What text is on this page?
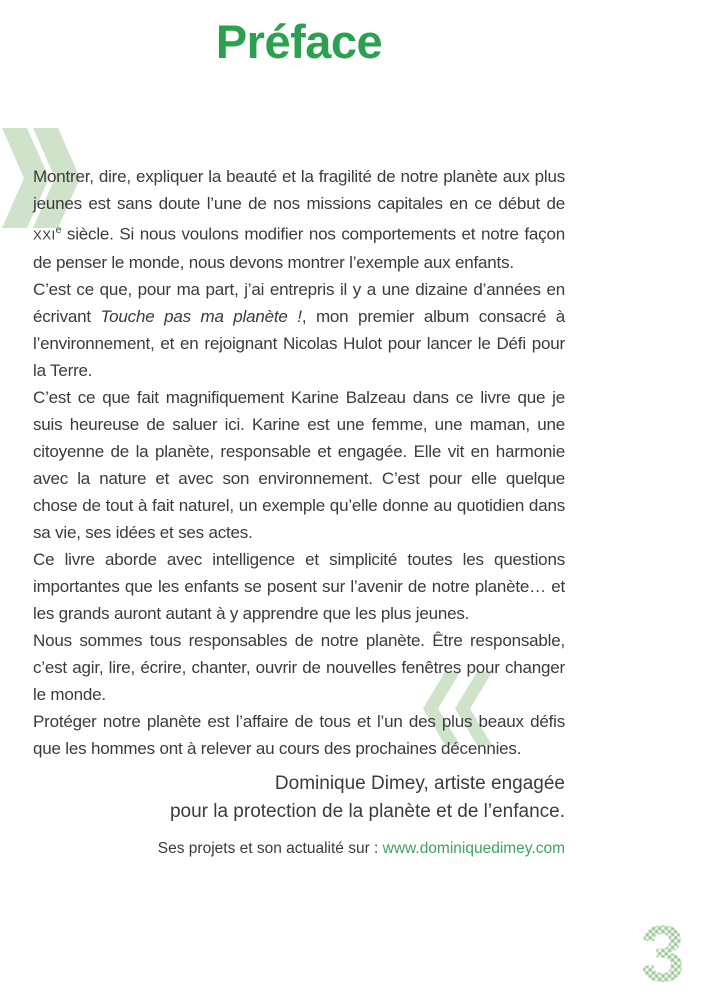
Préface

Montrer, dire, expliquer la beauté et la fragilité de notre planète aux plus jeunes est sans doute l’une de nos missions capitales en ce début de XXIe siècle. Si nous voulons modifier nos comportements et notre façon de penser le monde, nous devons montrer l’exemple aux enfants.

C’est ce que, pour ma part, j’ai entrepris il y a une dizaine d’années en écrivant Touche pas ma planète !, mon premier album consacré à l’environnement, et en rejoignant Nicolas Hulot pour lancer le Défi pour la Terre.

C’est ce que fait magnifiquement Karine Balzeau dans ce livre que je suis heureuse de saluer ici. Karine est une femme, une maman, une citoyenne de la planète, responsable et engagée. Elle vit en harmonie avec la nature et avec son environnement. C’est pour elle quelque chose de tout à fait naturel, un exemple qu’elle donne au quotidien dans sa vie, ses idées et ses actes.

Ce livre aborde avec intelligence et simplicité toutes les questions importantes que les enfants se posent sur l’avenir de notre planète… et les grands auront autant à y apprendre que les plus jeunes.

Nous sommes tous responsables de notre planète. Être responsable, c’est agir, lire, écrire, chanter, ouvrir de nouvelles fenêtres pour changer le monde.

Protéger notre planète est l’affaire de tous et l’un des plus beaux défis que les hommes ont à relever au cours des prochaines décennies.

Dominique Dimey, artiste engagée
pour la protection de la planète et de l’enfance.
Ses projets et son actualité sur : www.dominiquedimey.com
3
